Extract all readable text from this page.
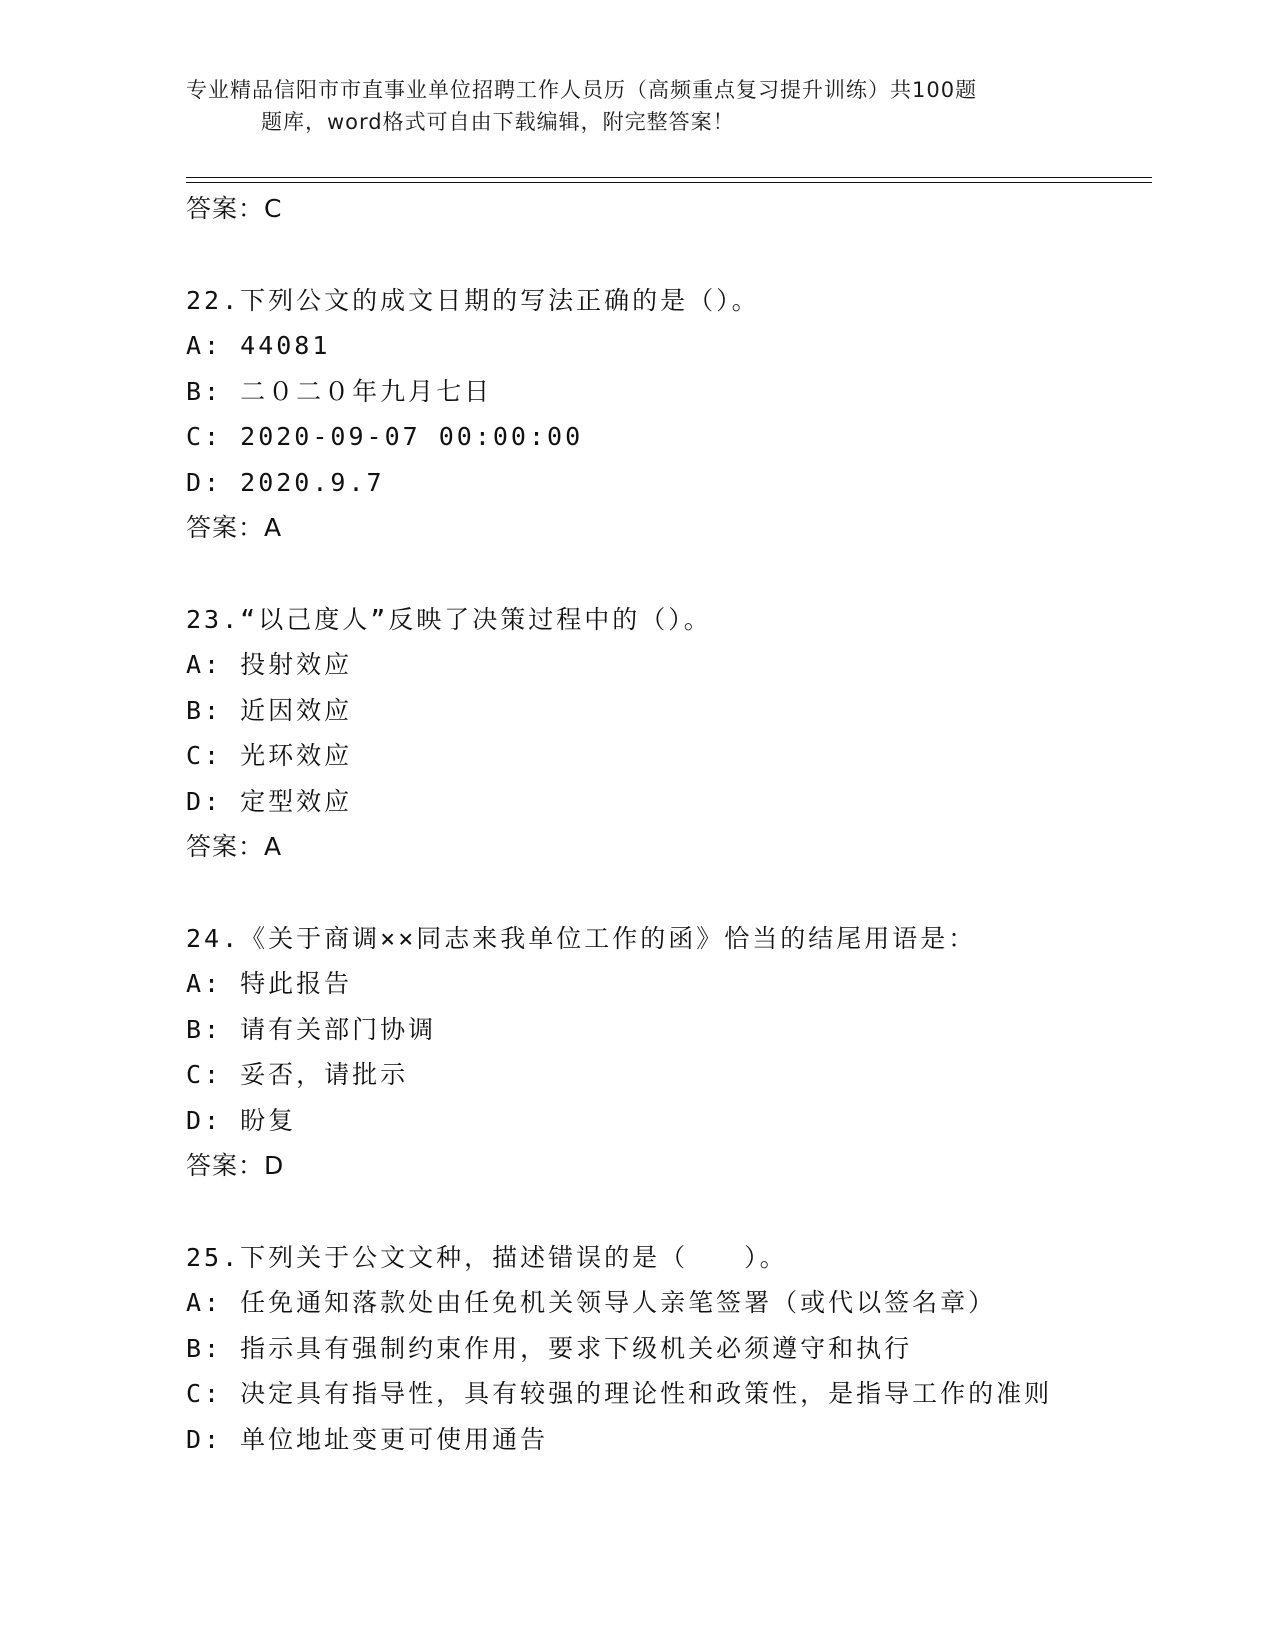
专业精品信阳市市直事业单位招聘工作人员历（高频重点复习提升训练）共100题

题库，word格式可自由下载编辑，附完整答案！
答案：C
22.下列公文的成文日期的写法正确的是（）。
A: 44081
B: 二０二０年九月七日
C: 2020-09-07 00:00:00
D: 2020.9.7
答案：A
23.“以己度人”反映了决策过程中的（）。
A: 投射效应
B: 近因效应
C: 光环效应
D: 定型效应
答案：A
24.《关于商调××同志来我单位工作的函》恰当的结尾用语是：
A: 特此报告
B: 请有关部门协调
C: 妥否，请批示
D: 盼复
答案：D
25.下列关于公文文种，描述错误的是（　　）。
A: 任免通知落款处由任免机关领导人亲笔签署（或代以签名章）
B: 指示具有强制约束作用，要求下级机关必须遵守和执行
C: 决定具有指导性，具有较强的理论性和政策性，是指导工作的准则
D: 单位地址变更可使用通告
